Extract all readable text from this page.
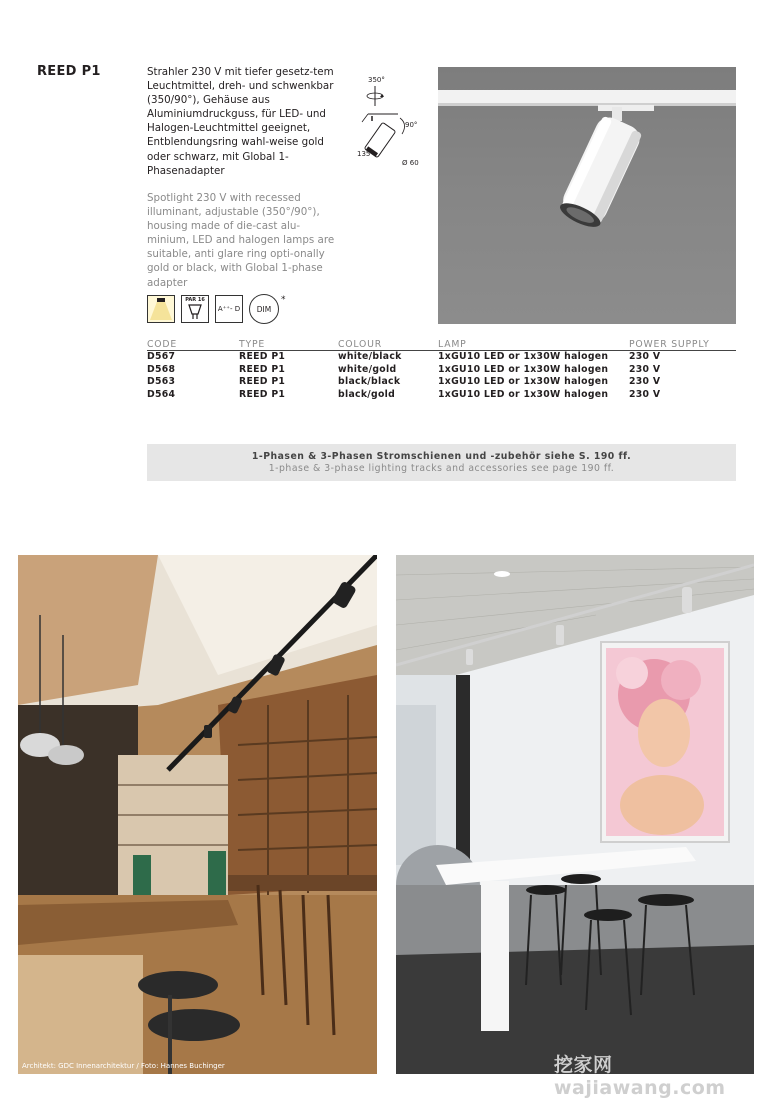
REED P1	Strahler 230 V mit tiefer gesetz-tem Leuchtmittel, dreh- und schwenkbar (350/90°), Gehäuse aus Aluminiumdruckguss, für LED- und Halogen-Leuchtmittel geeignet, Entblendungsring wahl-weise gold oder schwarz, mit Global 1-Phasenadapter
Spotlight 230 V with recessed illuminant, adjustable (350°/90°), housing made of die-cast alu-minium, LED and halogen lamps are suitable, anti glare ring opti-onally gold or black, with Global 1-phase adapter
350°
90°
135
Ø 60
PAR 16
A⁺⁺- D	DIM
*
CODE	TYPE	COLOUR	LAMP	POWER SUPPLY
D567	REED P1	white/black	1xGU10 LED or 1x30W halogen	230 V
D568	REED P1	white/gold	1xGU10 LED or 1x30W halogen	230 V
D563	REED P1	black/black	1xGU10 LED or 1x30W halogen	230 V
D564	REED P1	black/gold	1xGU10 LED or 1x30W halogen	230 V
1-Phasen & 3-Phasen Stromschienen und -zubehör siehe S. 190 ff.
1-phase & 3-phase lighting tracks and accessories see page 190 ff.
Architekt: GDC Innenarchitektur / Foto: Hannes Buchinger	挖家网 wajiawang.com
